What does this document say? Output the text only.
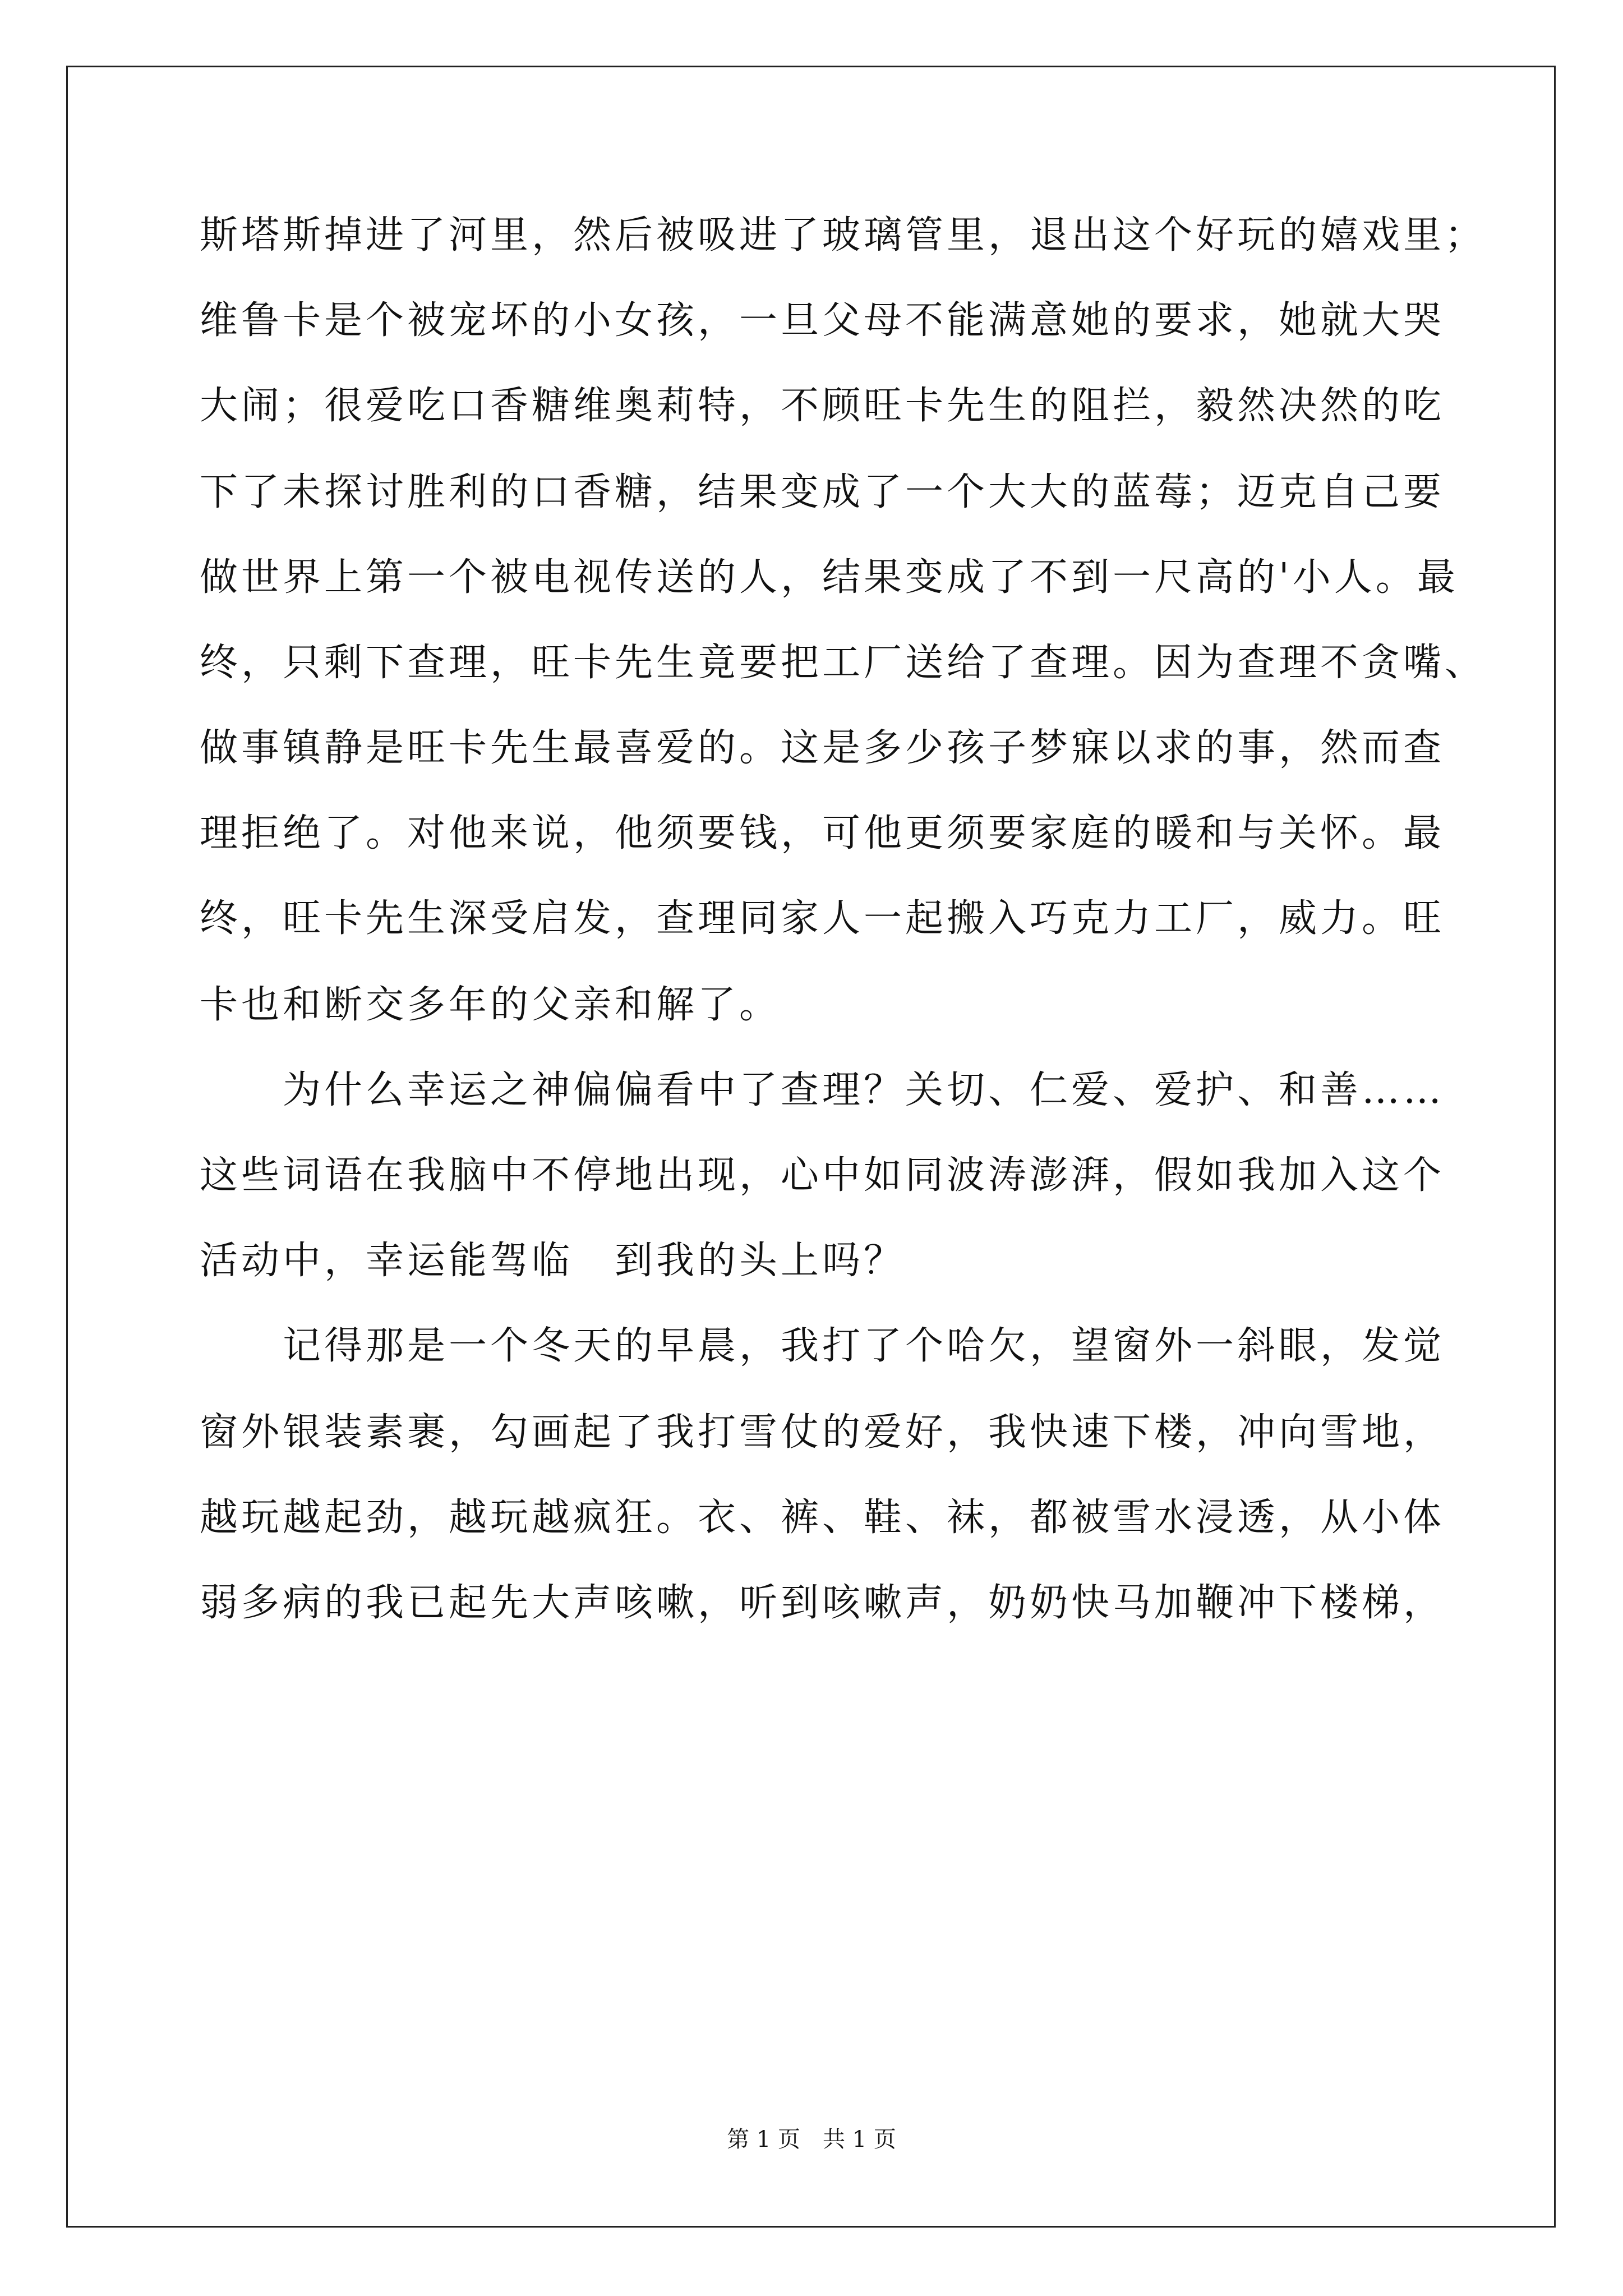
斯塔斯掉进了河里，然后被吸进了玻璃管里，退出这个好玩的嬉戏里；
维鲁卡是个被宠坏的小女孩，一旦父母不能满意她的要求，她就大哭
大闹；很爱吃口香糖维奥莉特，不顾旺卡先生的阻拦，毅然决然的吃
下了未探讨胜利的口香糖，结果变成了一个大大的蓝莓；迈克自己要
做世界上第一个被电视传送的人，结果变成了不到一尺高的'小人。最
终，只剩下查理，旺卡先生竟要把工厂送给了查理。因为查理不贪嘴、
做事镇静是旺卡先生最喜爱的。这是多少孩子梦寐以求的事，然而查
理拒绝了。对他来说，他须要钱，可他更须要家庭的暖和与关怀。最
终，旺卡先生深受启发，查理同家人一起搬入巧克力工厂，威力。旺
卡也和断交多年的父亲和解了。
　　为什么幸运之神偏偏看中了查理？关切、仁爱、爱护、和善……
这些词语在我脑中不停地出现，心中如同波涛澎湃，假如我加入这个
活动中，幸运能驾临　到我的头上吗？
　　记得那是一个冬天的早晨，我打了个哈欠，望窗外一斜眼，发觉
窗外银装素裹，勾画起了我打雪仗的爱好，我快速下楼，冲向雪地，
越玩越起劲，越玩越疯狂。衣、裤、鞋、袜，都被雪水浸透，从小体
弱多病的我已起先大声咳嗽，听到咳嗽声，奶奶快马加鞭冲下楼梯，
第 1 页　共 1 页
